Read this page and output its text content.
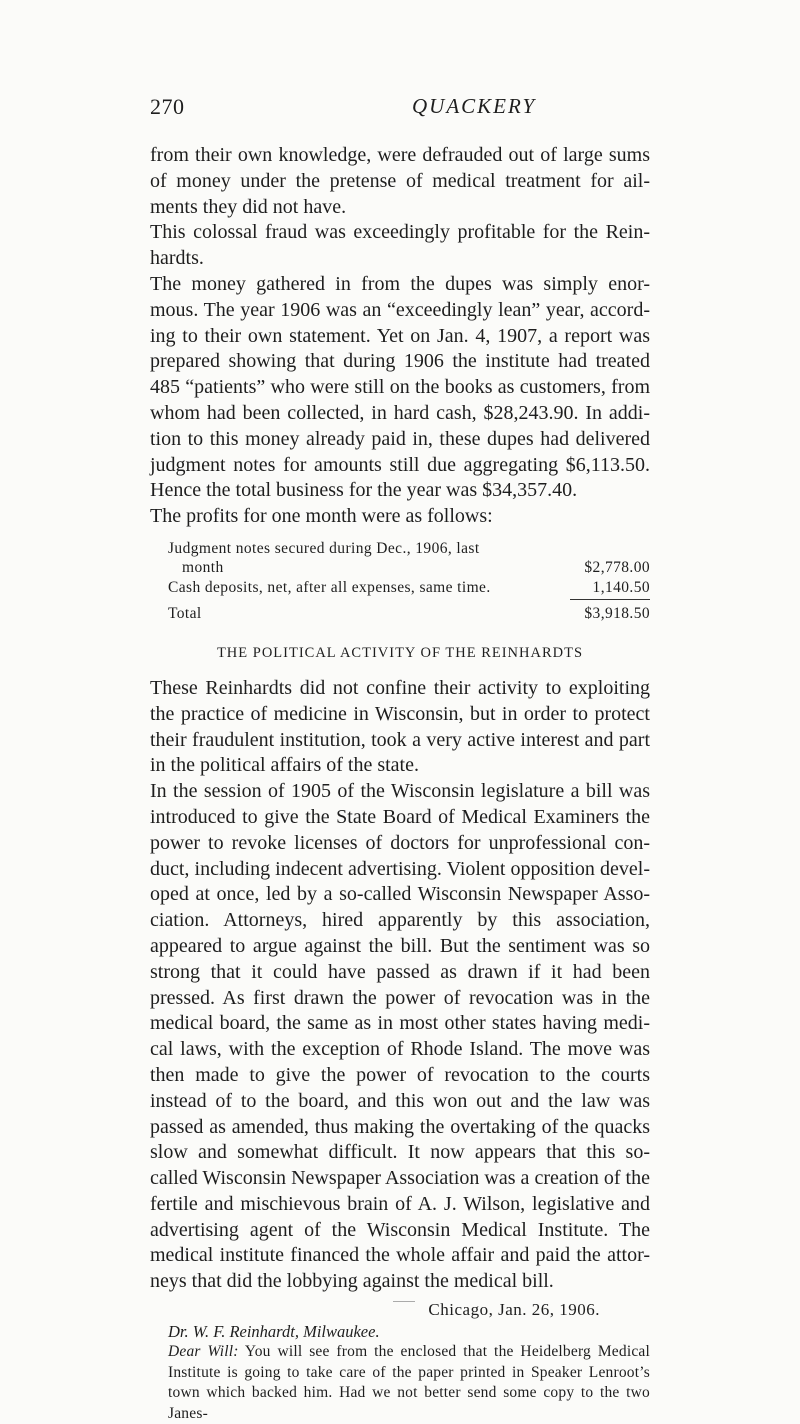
270	QUACKERY

from their own knowledge, were defrauded out of large sums of money under the pretense of medical treatment for ail- ments they did not have.

This colossal fraud was exceedingly profitable for the Rein- hardts.

The money gathered in from the dupes was simply enor- mous. The year 1906 was an “exceedingly lean” year, accord- ing to their own statement. Yet on Jan. 4, 1907, a report was prepared showing that during 1906 the institute had treated 485 “patients” who were still on the books as customers, from whom had been collected, in hard cash, $28,243.90. In addi- tion to this money already paid in, these dupes had delivered judgment notes for amounts still due aggregating $6,113.50. Hence the total business for the year was $34,357.40.

The profits for one month were as follows:

Judgment notes secured during Dec., 1906, last
month	$2,778.00
Cash deposits, net, after all expenses, same time.	1,140.50
Total	$3,918.50
THE POLITICAL ACTIVITY OF THE REINHARDTS

These Reinhardts did not confine their activity to exploiting the practice of medicine in Wisconsin, but in order to protect their fraudulent institution, took a very active interest and part in the political affairs of the state.

In the session of 1905 of the Wisconsin legislature a bill was introduced to give the State Board of Medical Examiners the power to revoke licenses of doctors for unprofessional con- duct, including indecent advertising. Violent opposition devel- oped at once, led by a so-called Wisconsin Newspaper Asso- ciation. Attorneys, hired apparently by this association, appeared to argue against the bill. But the sentiment was so strong that it could have passed as drawn if it had been pressed. As first drawn the power of revocation was in the medical board, the same as in most other states having medi- cal laws, with the exception of Rhode Island. The move was then made to give the power of revocation to the courts instead of to the board, and this won out and the law was passed as amended, thus making the overtaking of the quacks slow and somewhat difficult. It now appears that this so- called Wisconsin Newspaper Association was a creation of the fertile and mischievous brain of A. J. Wilson, legislative and advertising agent of the Wisconsin Medical Institute. The medical institute financed the whole affair and paid the attor- neys that did the lobbying against the medical bill.

Chicago, Jan. 26, 1906.
Dr. W. F. Reinhardt, Milwaukee.
Dear Will: You will see from the enclosed that the Heidelberg Medical Institute is going to take care of the paper printed in Speaker Lenroot’s town which backed him. Had we not better send some copy to the two Janes-
